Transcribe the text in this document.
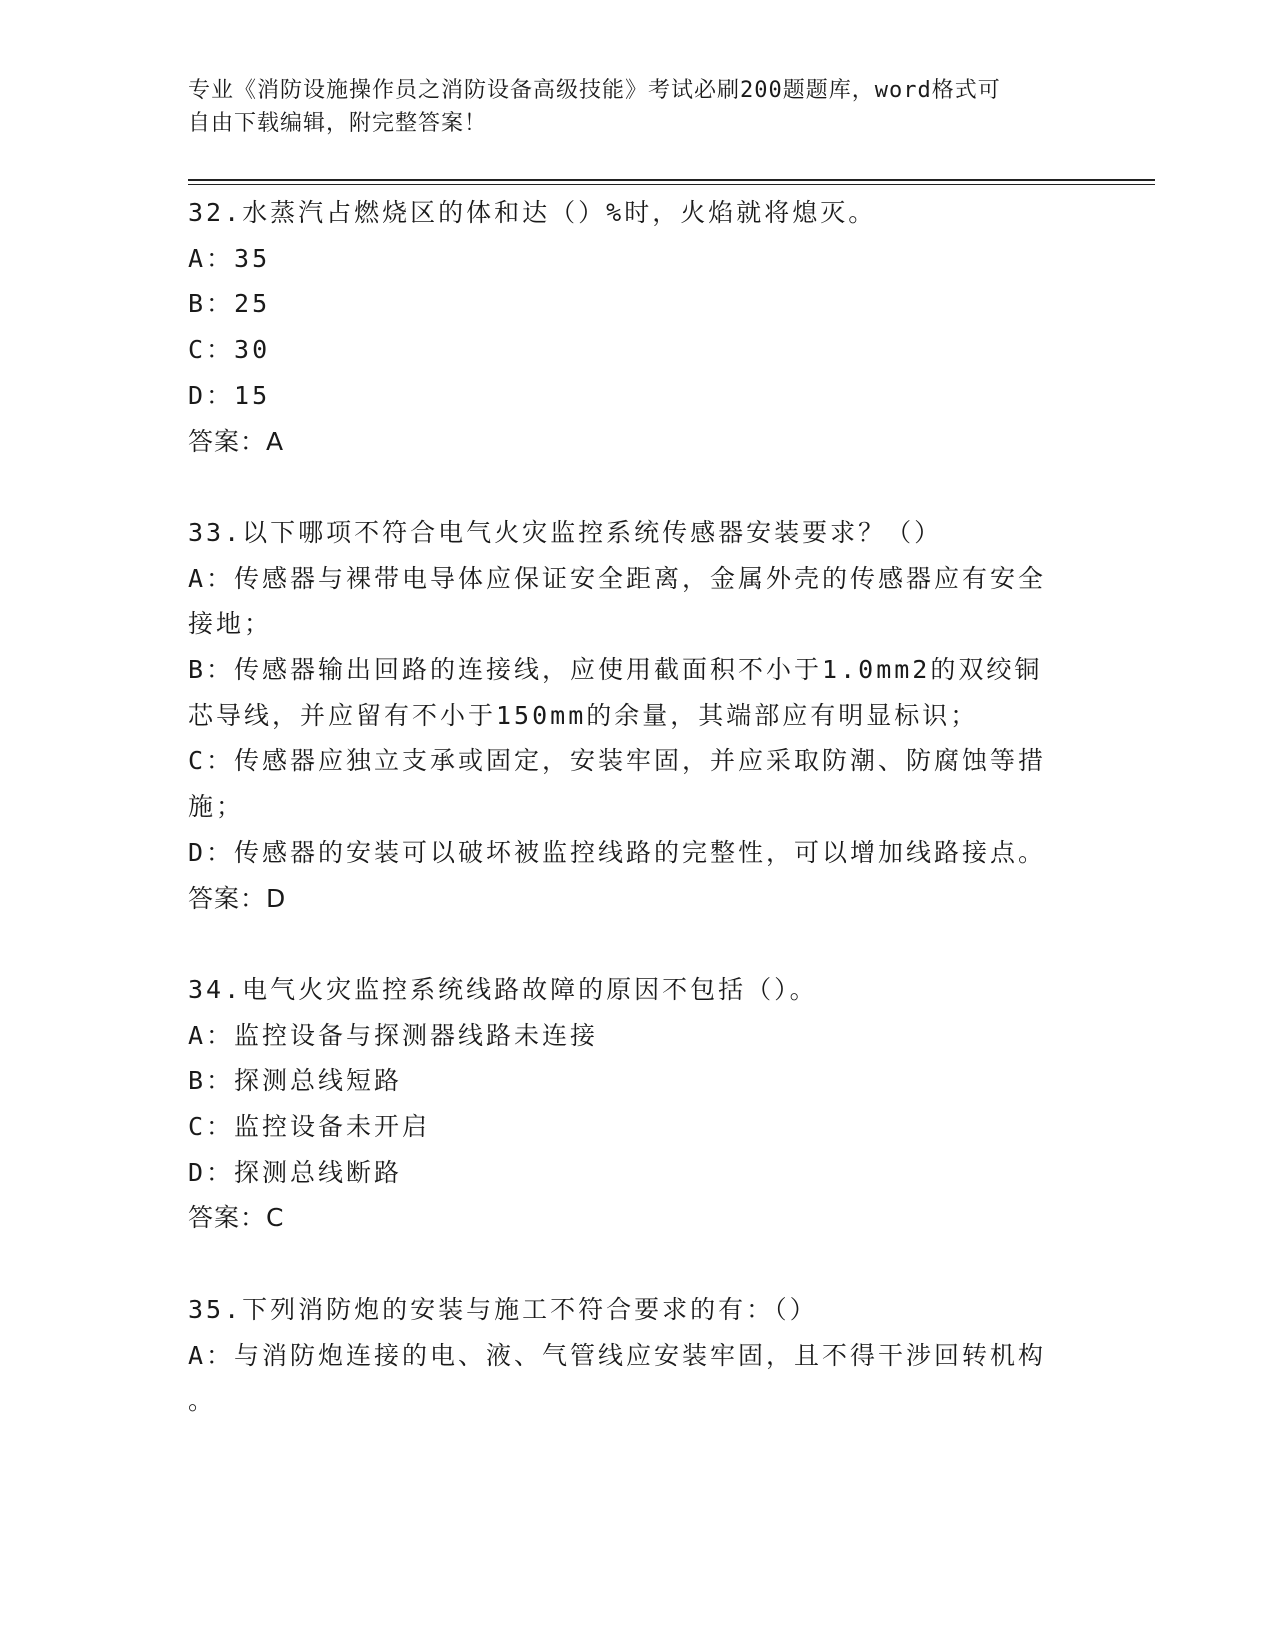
专业《消防设施操作员之消防设备高级技能》考试必刷200题题库，word格式可
自由下载编辑，附完整答案！
32.水蒸汽占燃烧区的体和达（）%时，火焰就将熄灭。
A：35
B：25
C：30
D：15
答案：A
33.以下哪项不符合电气火灾监控系统传感器安装要求？（）
A：传感器与裸带电导体应保证安全距离，金属外壳的传感器应有安全
接地；
B：传感器输出回路的连接线，应使用截面积不小于1.0mm2的双绞铜
芯导线，并应留有不小于150mm的余量，其端部应有明显标识；
C：传感器应独立支承或固定，安装牢固，并应采取防潮、防腐蚀等措
施；
D：传感器的安装可以破坏被监控线路的完整性，可以增加线路接点。
答案：D
34.电气火灾监控系统线路故障的原因不包括（）。
A：监控设备与探测器线路未连接
B：探测总线短路
C：监控设备未开启
D：探测总线断路
答案：C
35.下列消防炮的安装与施工不符合要求的有：（）
A：与消防炮连接的电、液、气管线应安装牢固，且不得干涉回转机构
。
